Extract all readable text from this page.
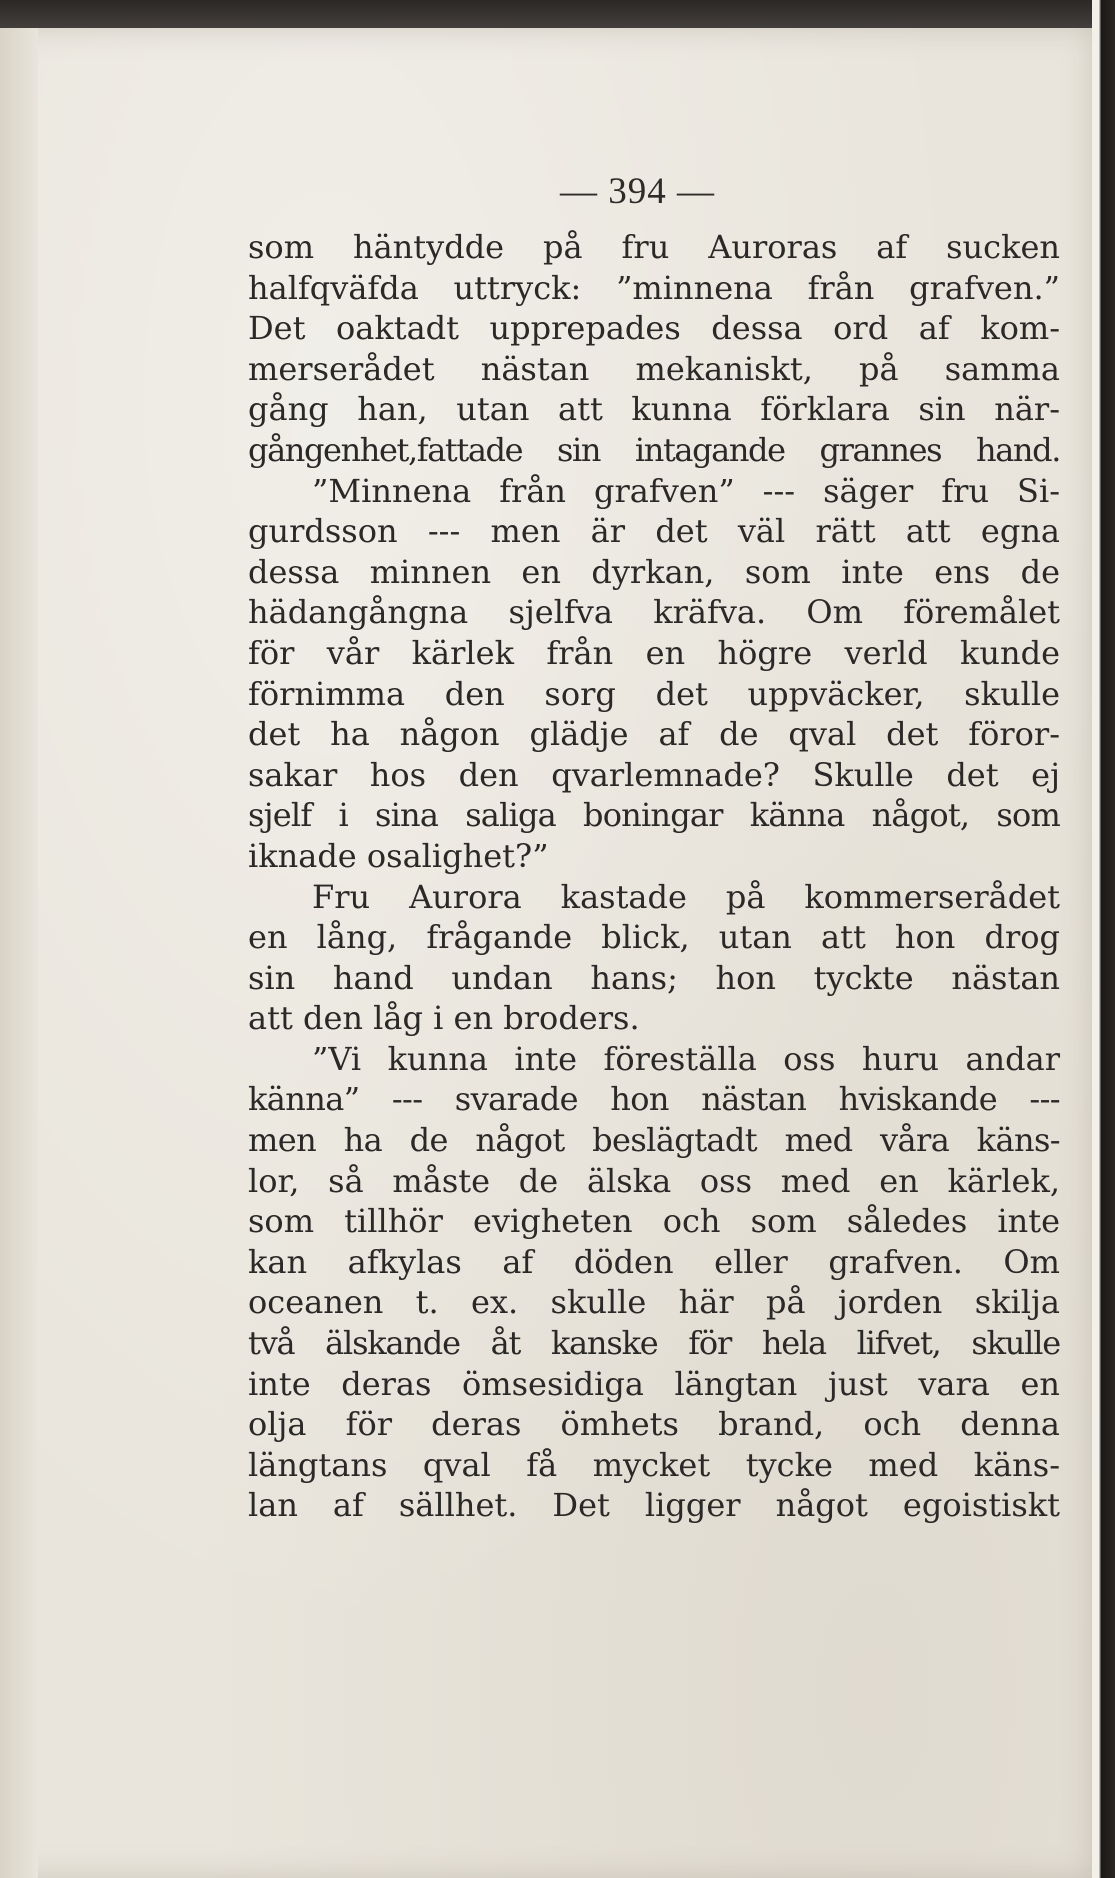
— 394 —
som häntydde på fru Auroras af sucken
halfqväfda uttryck: ”minnena från grafven.”
Det oaktadt upprepades dessa ord af kom-
merserådet nästan mekaniskt, på samma
gång han, utan att kunna förklara sin när-
gångenhet,fattade sin intagande grannes hand.
”Minnena från grafven” --- säger fru Si-
gurdsson --- men är det väl rätt att egna
dessa minnen en dyrkan, som inte ens de
hädangångna sjelfva kräfva. Om föremålet
för vår kärlek från en högre verld kunde
förnimma den sorg det uppväcker, skulle
det ha någon glädje af de qval det föror-
sakar hos den qvarlemnade? Skulle det ej
sjelf i sina saliga boningar känna något, som
iknade osalighet?”
Fru Aurora kastade på kommerserådet
en lång, frågande blick, utan att hon drog
sin hand undan hans; hon tyckte nästan
att den låg i en broders.
”Vi kunna inte föreställa oss huru andar
känna” --- svarade hon nästan hviskande ---
men ha de något beslägtadt med våra käns-
lor, så måste de älska oss med en kärlek,
som tillhör evigheten och som således inte
kan afkylas af döden eller grafven. Om
oceanen t. ex. skulle här på jorden skilja
två älskande åt kanske för hela lifvet, skulle
inte deras ömsesidiga längtan just vara en
olja för deras ömhets brand, och denna
längtans qval få mycket tycke med käns-
lan af sällhet. Det ligger något egoistiskt
